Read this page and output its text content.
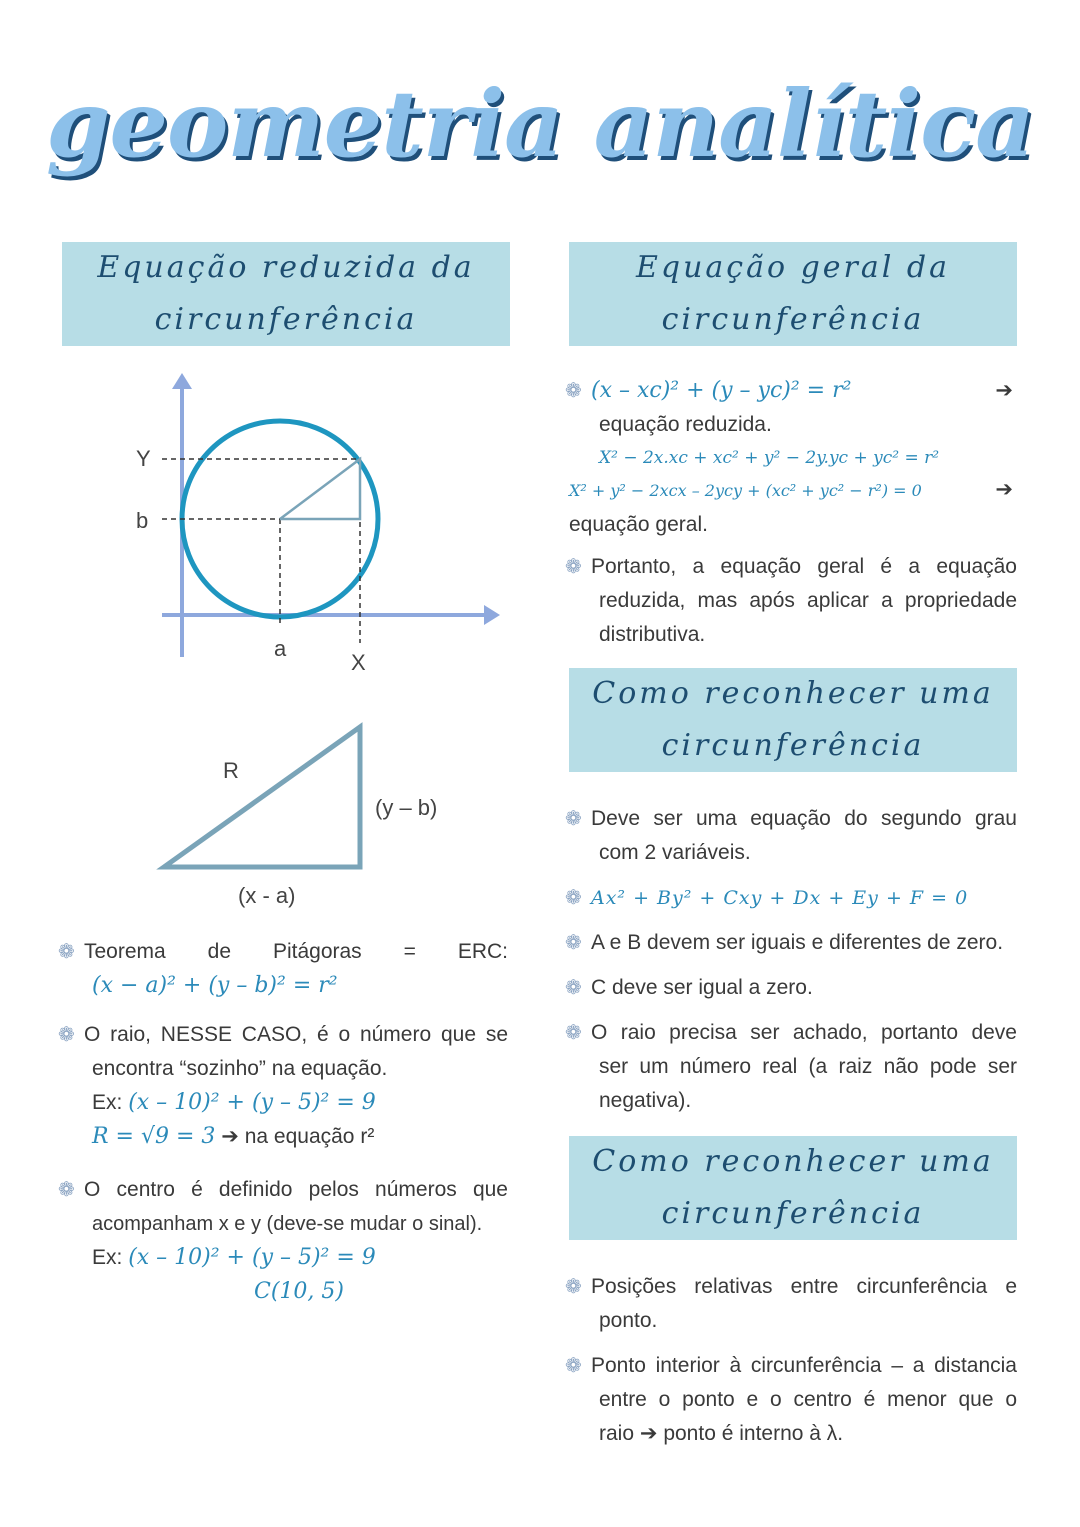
geometria analítica
Equação reduzida da
circunferência
Equação geral da
circunferência
Como reconhecer uma
circunferência
Como reconhecer uma
circunferência
Y
b
a
X
R
(y – b)
(x - a)
❁ Teorema de Pitágoras = ERC:
(x − a)² + (y – b)² = r²
❁ O raio, NESSE CASO, é o número que se
encontra “sozinho” na equação.
Ex: (x – 10)² + (y – 5)² = 9
R = √9 = 3 ➔ na equação r²
❁ O centro é definido pelos números que
acompanham x e y (deve-se mudar o sinal).
Ex: (x – 10)² + (y – 5)² = 9
C(10, 5)
❁ (x – xc)² + (y – yc)² = r²	➔
equação reduzida.
X² − 2x.xc + xc² + y² − 2y.yc + yc² = r²
X² + y² − 2xcx – 2ycy + (xc² + yc² − r²) = 0	➔
equação geral.
❁ Portanto, a equação geral é a equação
reduzida, mas após aplicar a propriedade
distributiva.
❁ Deve ser uma equação do segundo grau
com 2 variáveis.
❁ Ax² + By² + Cxy + Dx + Ey + F = 0
❁ A e B devem ser iguais e diferentes de zero.
❁ C deve ser igual a zero.
❁ O raio precisa ser achado, portanto deve
ser um número real (a raiz não pode ser
negativa).
❁ Posições relativas entre circunferência e
ponto.
❁ Ponto interior à circunferência – a distancia
entre o ponto e o centro é menor que o
raio ➔ ponto é interno à λ.
